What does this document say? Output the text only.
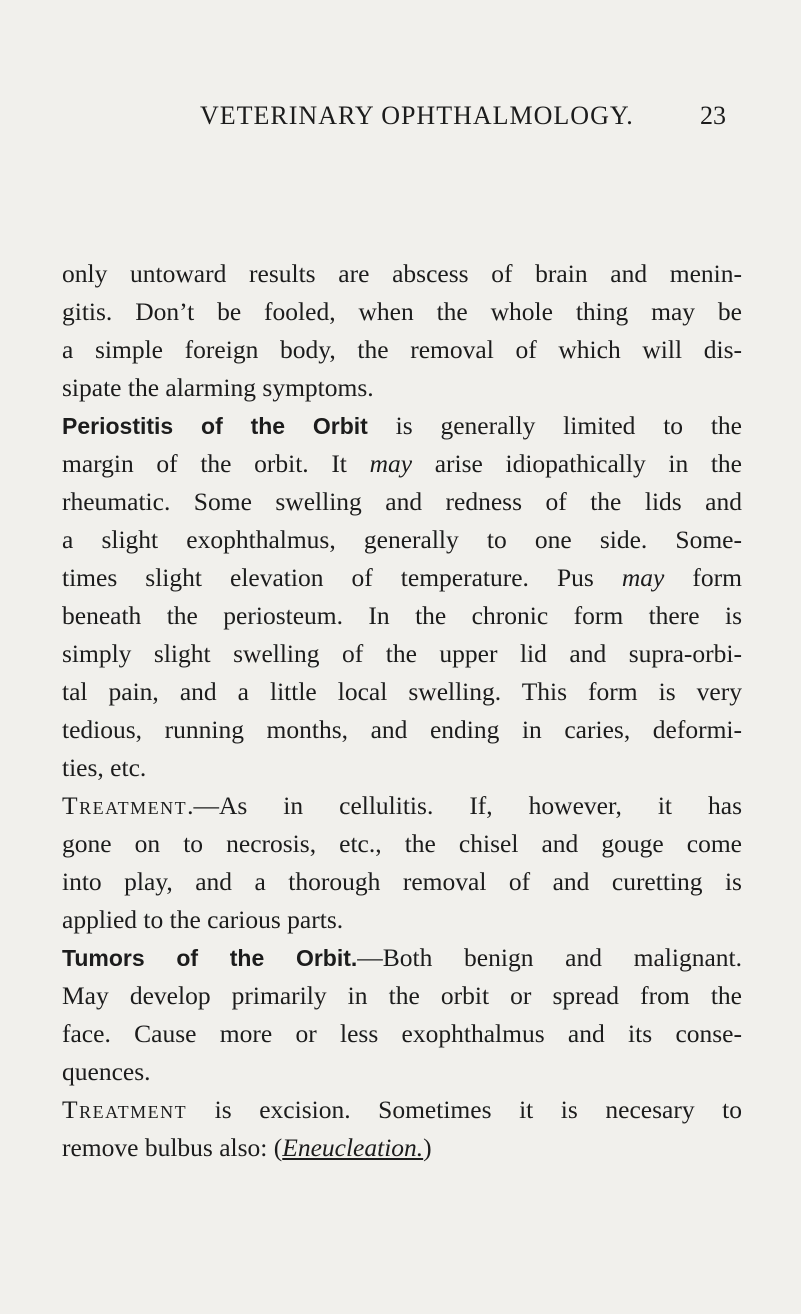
VETERINARY OPHTHALMOLOGY.	23
only untoward results are abscess of brain and menin-
gitis. Don’t be fooled, when the whole thing may be
a simple foreign body, the removal of which will dis-
sipate the alarming symptoms.
Periostitis of the Orbit is generally limited to the
margin of the orbit. It may arise idiopathically in the
rheumatic. Some swelling and redness of the lids and
a slight exophthalmus, generally to one side. Some-
times slight elevation of temperature. Pus may form
beneath the periosteum. In the chronic form there is
simply slight swelling of the upper lid and supra-orbi-
tal pain, and a little local swelling. This form is very
tedious, running months, and ending in caries, deformi-
ties, etc.
Treatment.—As in cellulitis. If, however, it has
gone on to necrosis, etc., the chisel and gouge come
into play, and a thorough removal of and curetting is
applied to the carious parts.
Tumors of the Orbit.—Both benign and malignant.
May develop primarily in the orbit or spread from the
face. Cause more or less exophthalmus and its conse-
quences.
Treatment is excision. Sometimes it is necesary to
remove bulbus also: (Eneucleation.)
